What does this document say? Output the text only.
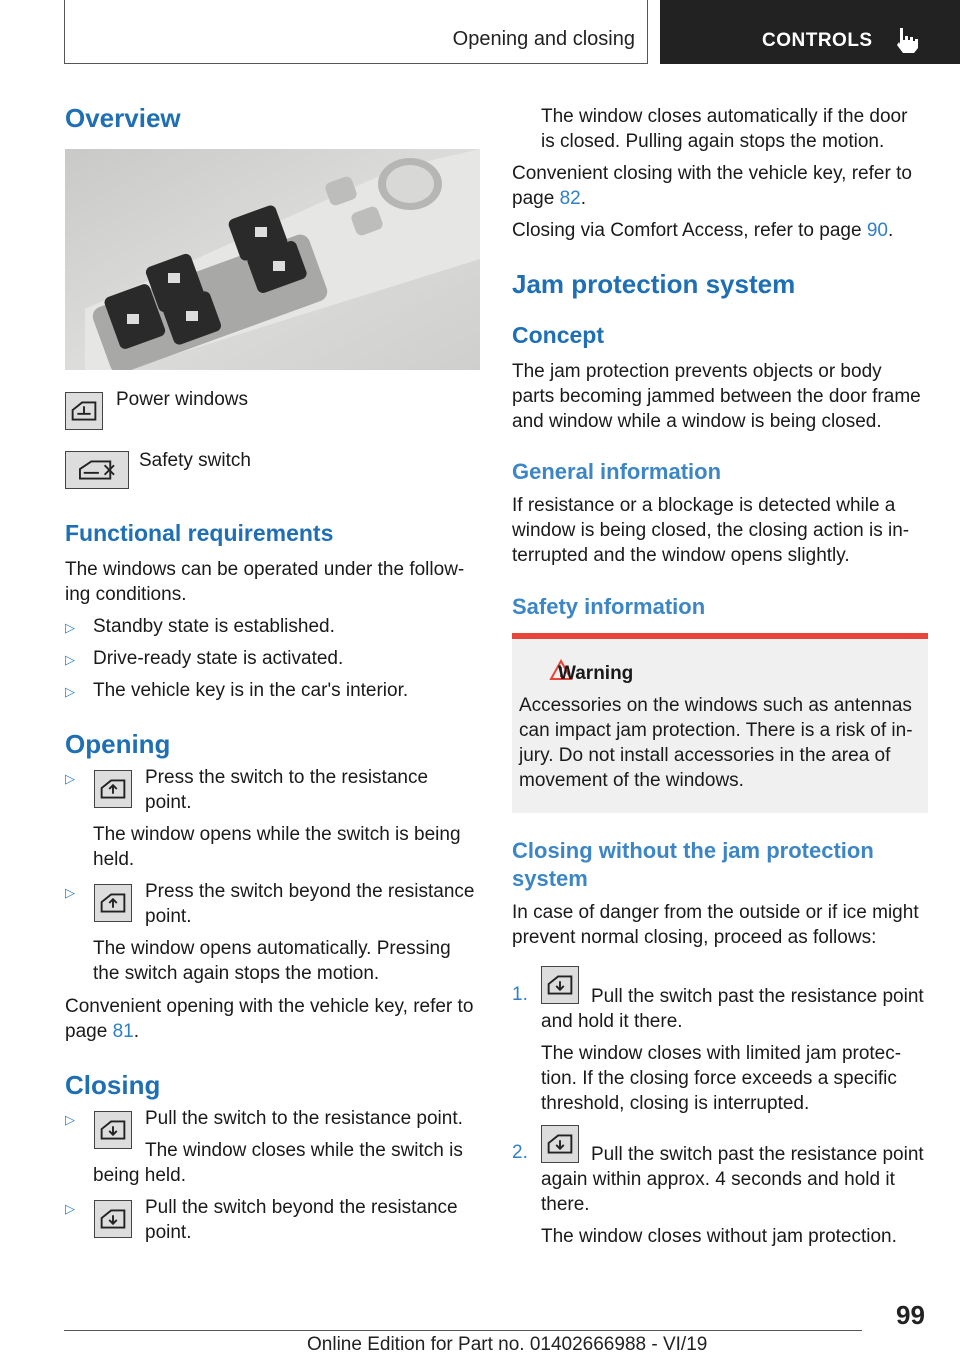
Opening and closing	CONTROLS
Overview
Power windows
Safety switch
Functional requirements
The windows can be operated under the follow-
ing conditions.
▷ Standby state is established.
▷ Drive-ready state is activated.
▷ The vehicle key is in the car's interior.
Opening
▷	Press the switch to the resistance
point.
The window opens while the switch is being
held.
▷	Press the switch beyond the resistance
point.
The window opens automatically. Pressing
the switch again stops the motion.
Convenient opening with the vehicle key, refer to
page 81.
Closing
▷	Pull the switch to the resistance point.
The window closes while the switch is
being held.
▷	Pull the switch beyond the resistance
point.
The window closes automatically if the door
is closed. Pulling again stops the motion.
Convenient closing with the vehicle key, refer to
page 82.
Closing via Comfort Access, refer to page 90.
Jam protection system
Concept
The jam protection prevents objects or body
parts becoming jammed between the door frame
and window while a window is being closed.
General information
If resistance or a blockage is detected while a
window is being closed, the closing action is in-
terrupted and the window opens slightly.
Safety information
Warning
Accessories on the windows such as antennas
can impact jam protection. There is a risk of in-
jury. Do not install accessories in the area of
movement of the windows.
Closing without the jam protection
system
In case of danger from the outside or if ice might
prevent normal closing, proceed as follows:
1.	Pull the switch past the resistance point
and hold it there.
The window closes with limited jam protec-
tion. If the closing force exceeds a specific
threshold, closing is interrupted.
2.	Pull the switch past the resistance point
again within approx. 4 seconds and hold it
there.
The window closes without jam protection.
99
Online Edition for Part no. 01402666988 - VI/19
